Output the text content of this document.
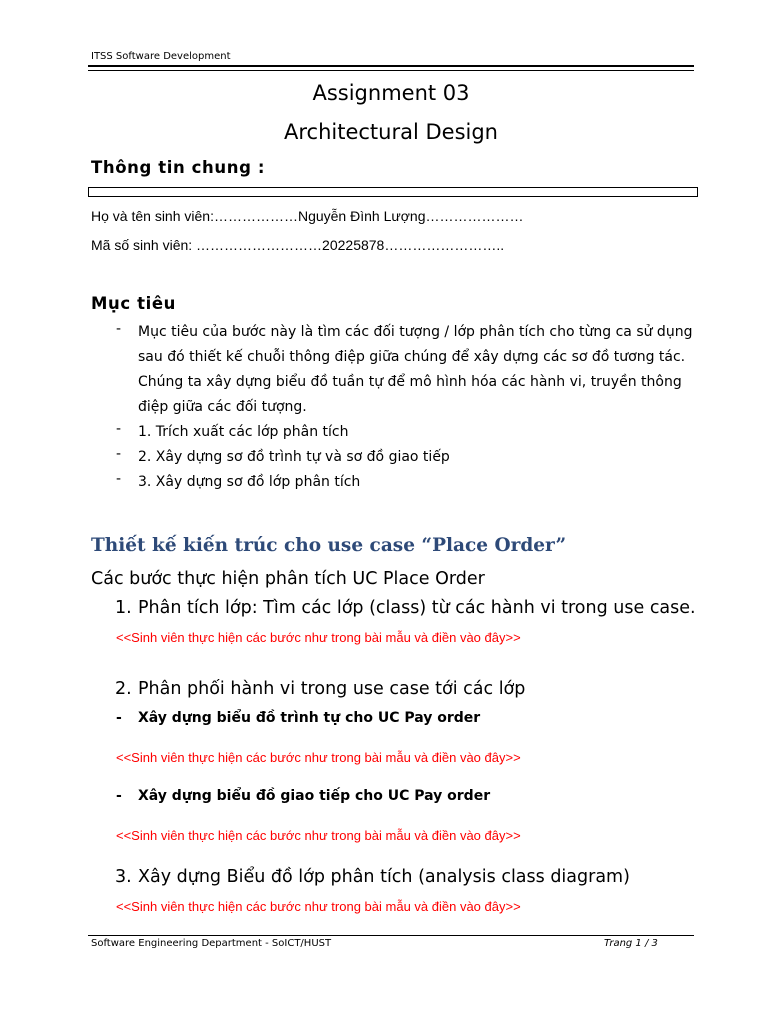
ITSS Software Development
Assignment 03
Architectural Design
Thông tin chung :
Họ và tên sinh viên:………………Nguyễn Đình Lượng…………………
Mã số sinh viên: ………………………20225878……………………..
Mục tiêu
- Mục tiêu của bước này là tìm các đối tượng / lớp phân tích cho từng ca sử dụng
sau đó thiết kế chuỗi thông điệp giữa chúng để xây dựng các sơ đồ tương tác.
Chúng ta xây dựng biểu đồ tuần tự để mô hình hóa các hành vi, truyền thông
điệp giữa các đối tượng.
- 1. Trích xuất các lớp phân tích
- 2. Xây dựng sơ đồ trình tự và sơ đồ giao tiếp
- 3. Xây dựng sơ đồ lớp phân tích
Thiết kế kiến trúc cho use case “Place Order”
Các bước thực hiện phân tích UC Place Order
1. Phân tích lớp: Tìm các lớp (class) từ các hành vi trong use case.
<<Sinh viên thực hiện các bước như trong bài mẫu và điền vào đây>>
2. Phân phối hành vi trong use case tới các lớp
- Xây dựng biểu đồ trình tự cho UC Pay order
<<Sinh viên thực hiện các bước như trong bài mẫu và điền vào đây>>
- Xây dựng biểu đồ giao tiếp cho UC Pay order
<<Sinh viên thực hiện các bước như trong bài mẫu và điền vào đây>>
3. Xây dựng Biểu đồ lớp phân tích (analysis class diagram)
<<Sinh viên thực hiện các bước như trong bài mẫu và điền vào đây>>
Software Engineering Department - SoICT/HUST	Trang 1 / 3
